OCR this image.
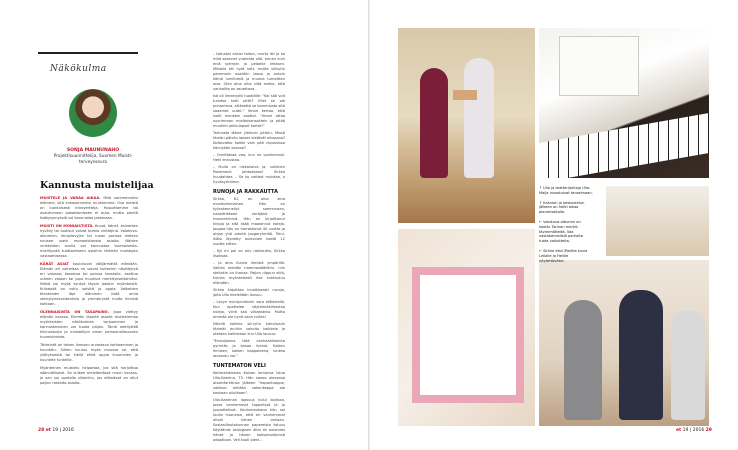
Näkökulma
SONJA MAUNUNAHO
Projektisuunnittelija, Suomen Muistiterveysseura
Kannusta muistelijaa

MUISTELE JA VARAA AIKAA. Mitä vanhemmiksi elämme, sitä enkasemmiksi muistumme. Osa meistä on luontaisesti introvertteja. Hopuittamme tai avautumaan pakottamiseen ei auta, mutta pientä lisäkysymyksiä voi kannustaa jakamaan.

MUISTI ON MONIAISTISTA. Kuvat, äänet, esineiden hyväily tai tuoksut voivat toimia virittäjinä. Valokuva-albumien, lempilevyjen tai ruoan parissa meleen nousee usein monoaistisesta asioita. Näiden virikkeiden avulla voi kannustaa tuumaisesta-mielihyvää tuottamiseen asioihin tärkeän muistojen vastaamisessa.

KÄRÄT ASIAT koulutuvat välijärmättä elämään. Elämän eri vaiheissa ne voivat kuitenkin näyttäytyä eri valossa; korostua tai painua taustalle, asettua uuteen valoon tai jopa muuttua merkityksettömiksi. Niistä voi myös syntyä täysin jotakin myönteistä. Kriisejstä on voitu selvitä ja oppia. Vaikeiden tilanteiden läpi eläminen lisää omia selviytymisvaikeuksia ja ymmärrystä muita ihmisiä kohtaan.

OLENNAISINTA ON TASAPAINO. Jopa viettyy elämän kanssa. Elemön löpeitä asioita muistelemaa myönteisten näkökulman tarjoaminen ja kannustaminen voi tuoda paljon. Tämä edellyttää kiinnostusta ja muistelijan oman persoonallisuuden huomioimista.

Tärkeintä on toisen ihmisen arvostava kohtaaminen ja kuuntelu. Siihen kuuluu myös muussa se, että yllätyksessä tai kiellä ehkä oppia kuunnelen ja kuuntele tunteille.

Myönteinen muistelu helpottaa, jos sitä harjoittaa säännöllisesti. Se kulkee arkielämässä muun kanssa, ja sen voi opetella silloinkin, jos elämässä on ollut paljon raskaita asioita.

– Isänsäni ensisi taiton, murta itti ja ka mitä saannet vuokrata sitä, ennen kuin eniä sytmyin ja pelaeile ilmasen. Mittalla ett hytä kott, mutta vilikytin paremmin osaittiin lasoa ja autoin kämä lumiitimiä ja muuna tumeitten aisa. Olen aina ollut siitä melko, että vanhoilta on asuettava.

Isä oli ilmeenytti tuoddllle: "Kai sää voit tunstsa tatti pittit? Ellet se ole puhanteva, ettäsettä se kammiosta sitä saaamet uutet." Ilmari kertoo, että isolti menkein saattoi. "Ilmari ottaa suurimman mieltoisenauttein ja pitää muutkin pikkulapset kartet!"

Tarinasta läbire ylelinen juttelu. Missä tämän päivän lapset vietävät aikaansa? Kulkevatko kaikki vain pää riipuksissa kännykän kanssa?

– Onnittakaa vaa, kun ne vanhemnat. Hehi ennustaa.

– Mulla on niskavaiva ja, vaikkien Pokemonit jahtaakaan! Sirkka huudahtaa. – Se ku vaitbot muistaa, o hyväsyrintime.

RUNOJA JA RAKKAUTTA

Sirkka, 81, on ollut aina monitoiminainen. Hän on työnskennellyt somminaan, naaoittikkean veräjänä ja mannekiininä. Hän on kirjoittanut kirjoja ja sitä lisää maalannut koteja. Joogaa hän on harrastanut 40 vuotta ja ohjaa yhä pientä joogaryhmää. Teini-ikäisi löydetty aviovoien kaatti 12 vuotta sitten.

– Kyl mi pal on ollu rakkautta, Sirkka lisoksaa.

– Ja aina ihania ihmisiä ympärillä. Vaikka meidän hammaslääkärin, niin stellakin on ihanaa. Paljon riippuu siitä, kuinka myönteisesti itse suhtautuu elämään.

Sirkka kirjoittaa innoikkaasti runoja, joita Ulla mielellään lausuu.

– Levyn euintymistviin vara eläkkeellä. Kun opettelee näytelmäkirkostaa noleja, viinti saa vilkastanta. Mutta emmää ole hyvä vaan roihta!

Ntteilä kaikkia siirrytin kahviipsiin tärkeät muihin sohoitu kaikkeia ja otetaan kaikistaan kun Ulla lausuu:

"Ensisijasina tätä vanhaahikolinta pyrintäs ja kanoo ihania. Kaiken ihmisen, kaiken kappaleena, lunesa lavaantu voi."

TUNTEMATON VELI

Kotimaalaisissa Kaisan lomansa istua Ulla-Kaarina, 73. Hän sanoo olevansa aivoinfarktinsa jälkeen "hapantuoppe, vaikkon mikään sokerikeppa ole koskaan ollutkaan".

Ulla-Kaarinan lapsuus kului kodissa, jossa vanhemmat tappelivat ja ja juopottelivat. Koulumaukana hän sai luulla huoneisa, että eri vanhemmat olivat hänen omiaan. Sosiaalilautakunnan papereista totuus käyttämä: biologisen äitin eli aviomies hänet ja hänen kaksoisveljensä adoptioon. Veli kuoli pieni...

28 et 19 | 2016

↑ Ulla ja teatterijohtaja Ulla-Maija innostuivat tanssimaan.

↑ Kahvien ja keskustelun jälkeen on hetki aikaa pianonsoitolle.

← Valokuva-albumin on koottu Tarinan merkittävimmätteltä. Vaa vastatoimisiisiä parhaita tuota vaikutteita.

← Sirkka etsii iPadilla kuvia Leilalle ja Heillie näytettäväksi.

et 19 | 2016 29
